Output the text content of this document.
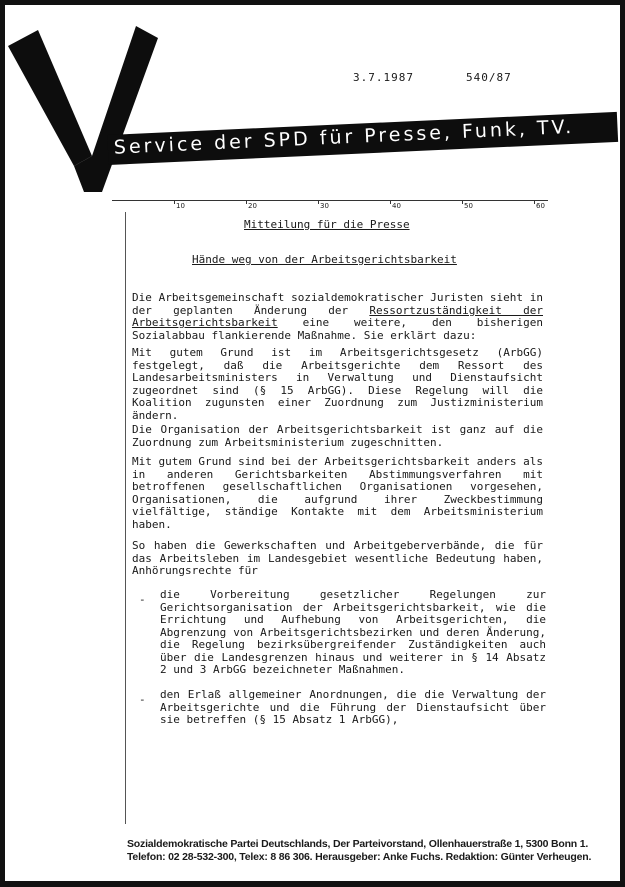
3.7.1987	540/87
Service der SPD für Presse, Funk, TV.
10	20	30	40	50	60
Mitteilung für die Presse
Hände weg von der Arbeitsgerichtsbarkeit
Die Arbeitsgemeinschaft sozialdemokratischer Juristen sieht in der geplanten Änderung der Ressortzuständigkeit der Arbeitsgerichtsbarkeit eine weitere, den bisherigen Sozialabbau flankierende Maßnahme. Sie erklärt dazu:
Mit gutem Grund ist im Arbeitsgerichtsgesetz (ArbGG) festgelegt, daß die Arbeitsgerichte dem Ressort des Landesarbeitsministers in Verwaltung und Dienstaufsicht zugeordnet sind (§ 15 ArbGG). Diese Regelung will die Koalition zugunsten einer Zuordnung zum Justizministerium ändern.
Die Organisation der Arbeitsgerichtsbarkeit ist ganz auf die Zuordnung zum Arbeitsministerium zugeschnitten.
Mit gutem Grund sind bei der Arbeitsgerichtsbarkeit anders als in anderen Gerichtsbarkeiten Abstimmungsverfahren mit betroffenen gesellschaftlichen Organisationen vorgesehen, Organisationen, die aufgrund ihrer Zweckbestimmung vielfältige, ständige Kontakte mit dem Arbeitsministerium haben.
So haben die Gewerkschaften und Arbeitgeberverbände, die für das Arbeitsleben im Landesgebiet wesentliche Bedeutung haben, Anhörungsrechte für
- die Vorbereitung gesetzlicher Regelungen zur Gerichtsorganisation der Arbeitsgerichtsbarkeit, wie die Errichtung und Aufhebung von Arbeitsgerichten, die Abgrenzung von Arbeitsgerichtsbezirken und deren Änderung, die Regelung bezirksübergreifender Zuständigkeiten auch über die Landesgrenzen hinaus und weiterer in § 14 Absatz 2 und 3 ArbGG bezeichneter Maßnahmen.
- den Erlaß allgemeiner Anordnungen, die die Verwaltung der Arbeitsgerichte und die Führung der Dienstaufsicht über sie betreffen (§ 15 Absatz 1 ArbGG),
Sozialdemokratische Partei Deutschlands, Der Parteivorstand, Ollenhauerstraße 1, 5300 Bonn 1.
Telefon: 02 28-532-300, Telex: 8 86 306. Herausgeber: Anke Fuchs. Redaktion: Günter Verheugen.
